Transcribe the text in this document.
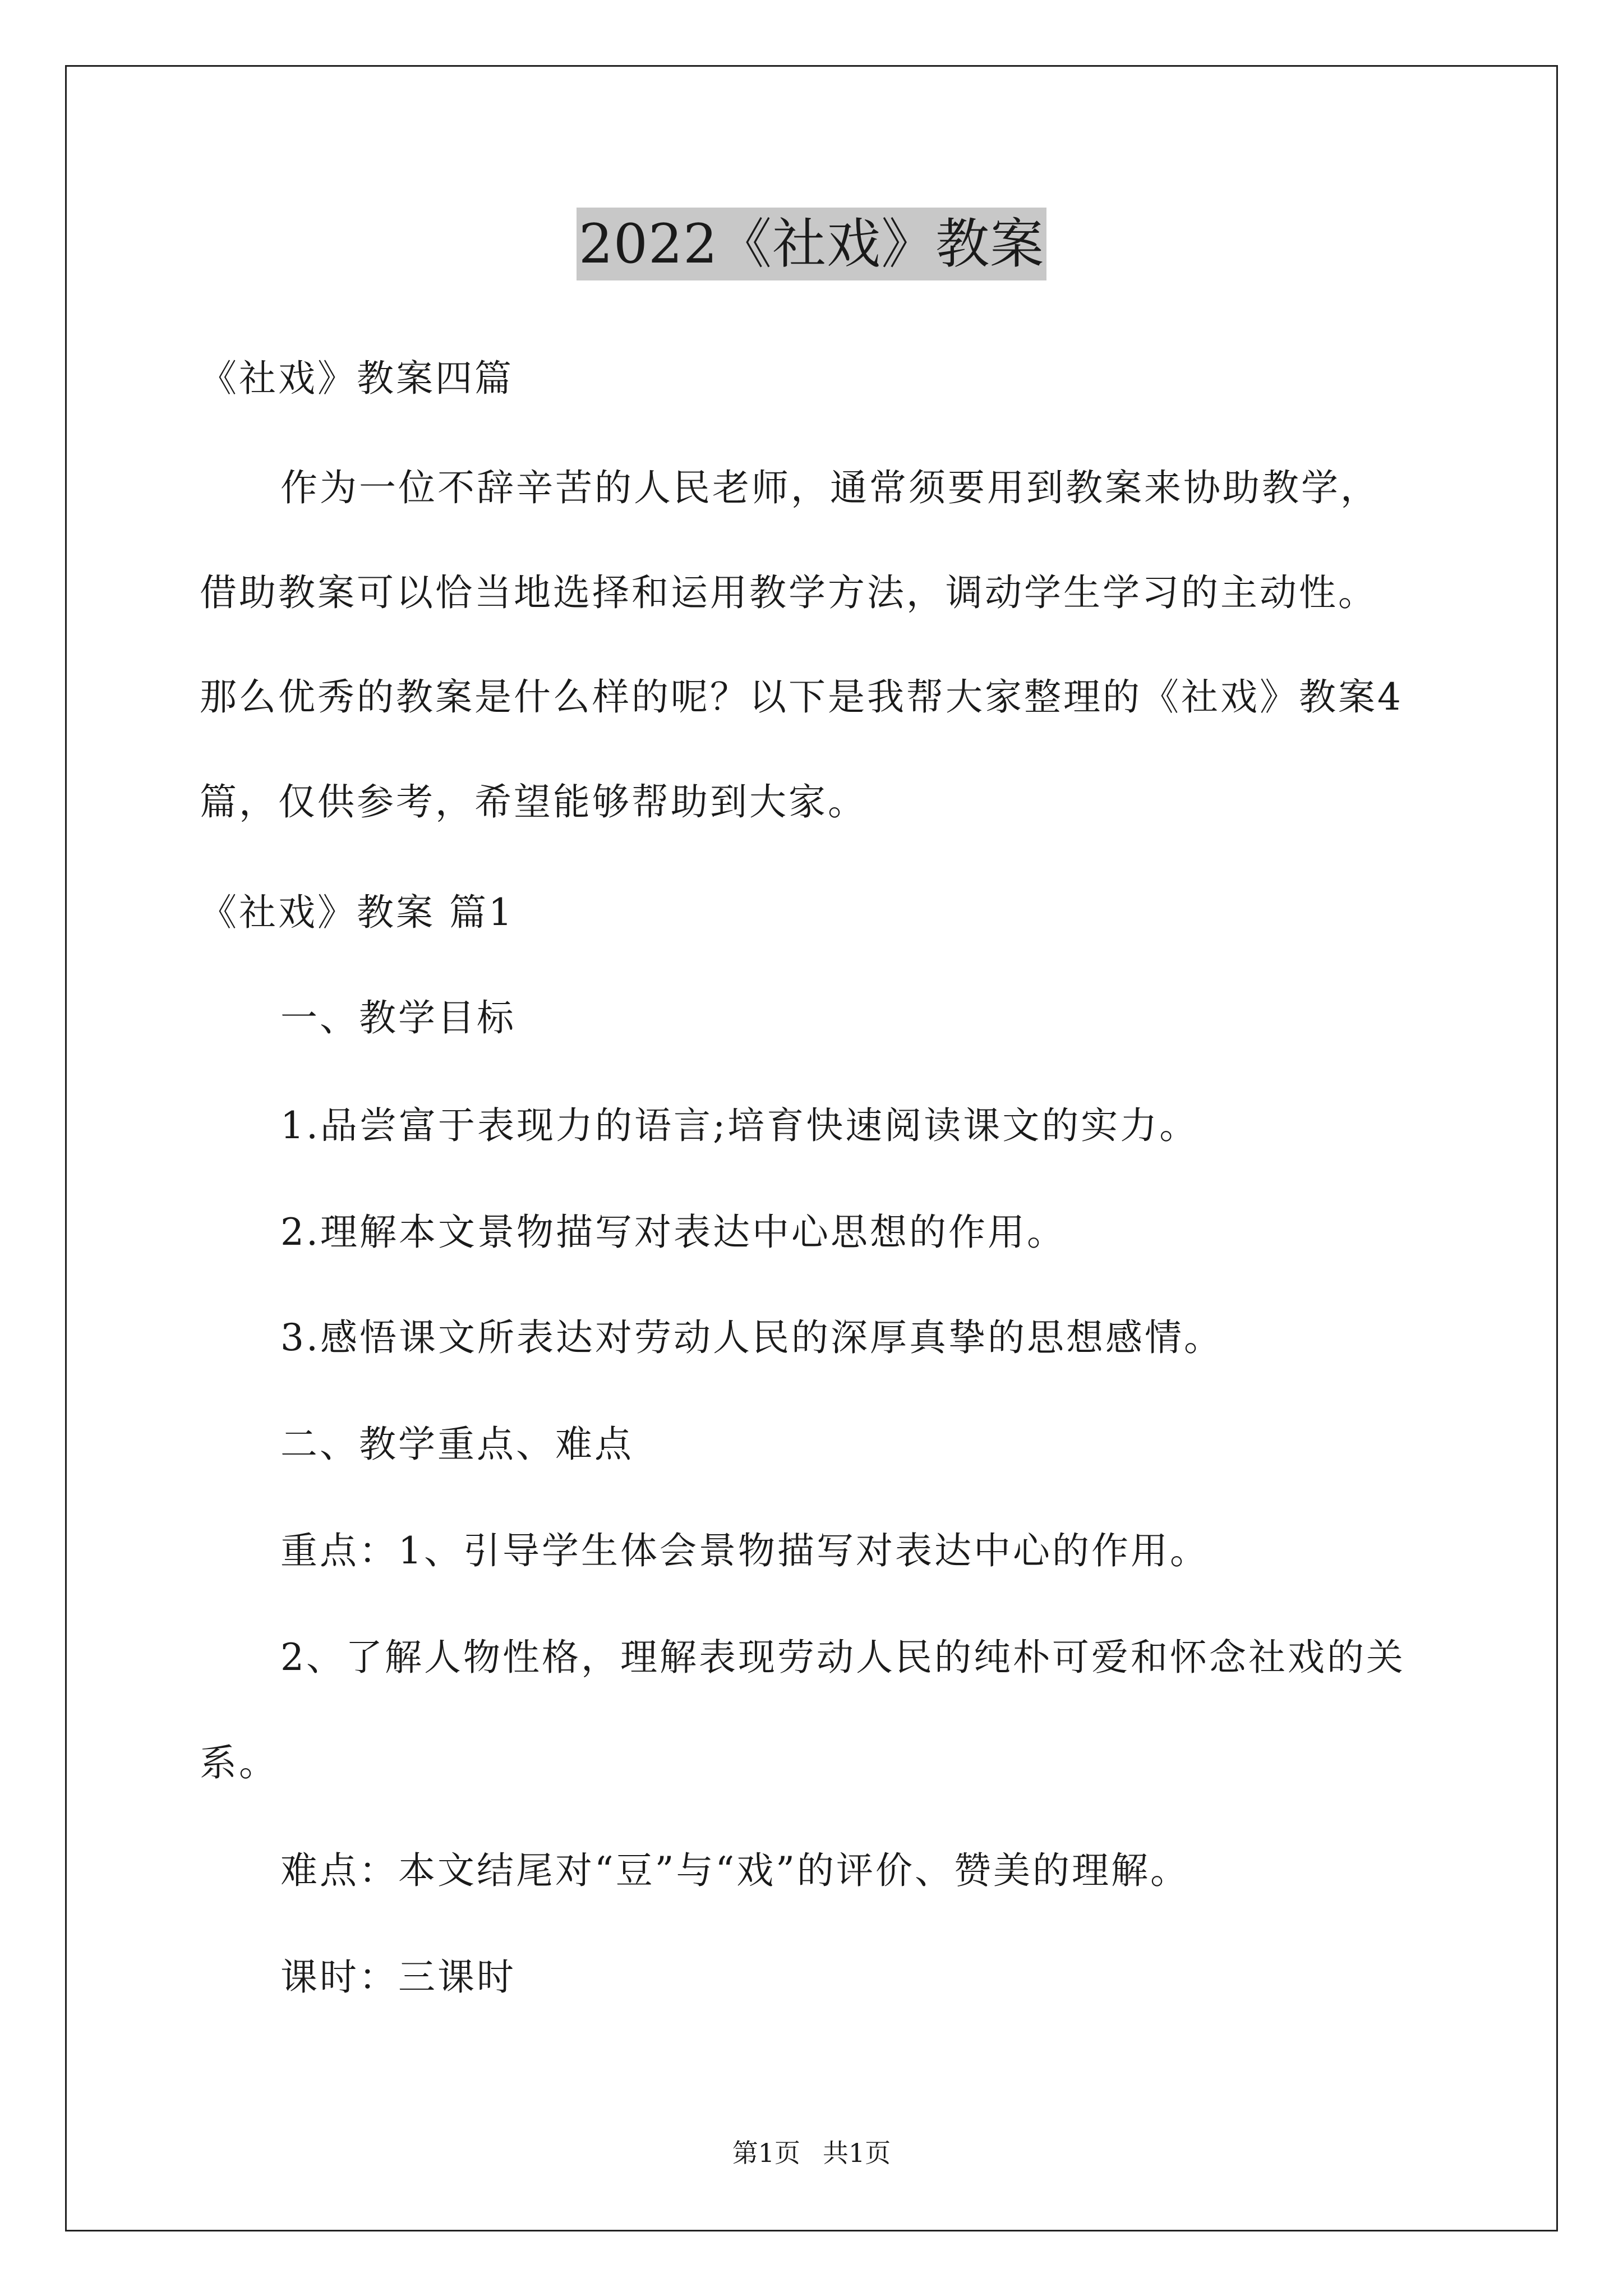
2022《社戏》教案
《社戏》教案四篇
作为一位不辞辛苦的人民老师，通常须要用到教案来协助教学，
借助教案可以恰当地选择和运用教学方法，调动学生学习的主动性。
那么优秀的教案是什么样的呢？以下是我帮大家整理的《社戏》教案4
篇，仅供参考，希望能够帮助到大家。
《社戏》教案 篇1
一、教学目标
1.品尝富于表现力的语言;培育快速阅读课文的实力。
2.理解本文景物描写对表达中心思想的作用。
3.感悟课文所表达对劳动人民的深厚真挚的思想感情。
二、教学重点、难点
重点：1、引导学生体会景物描写对表达中心的作用。
2、了解人物性格，理解表现劳动人民的纯朴可爱和怀念社戏的关
系。
难点：本文结尾对“豆”与“戏”的评价、赞美的理解。
课时：三课时
第1页 共1页
